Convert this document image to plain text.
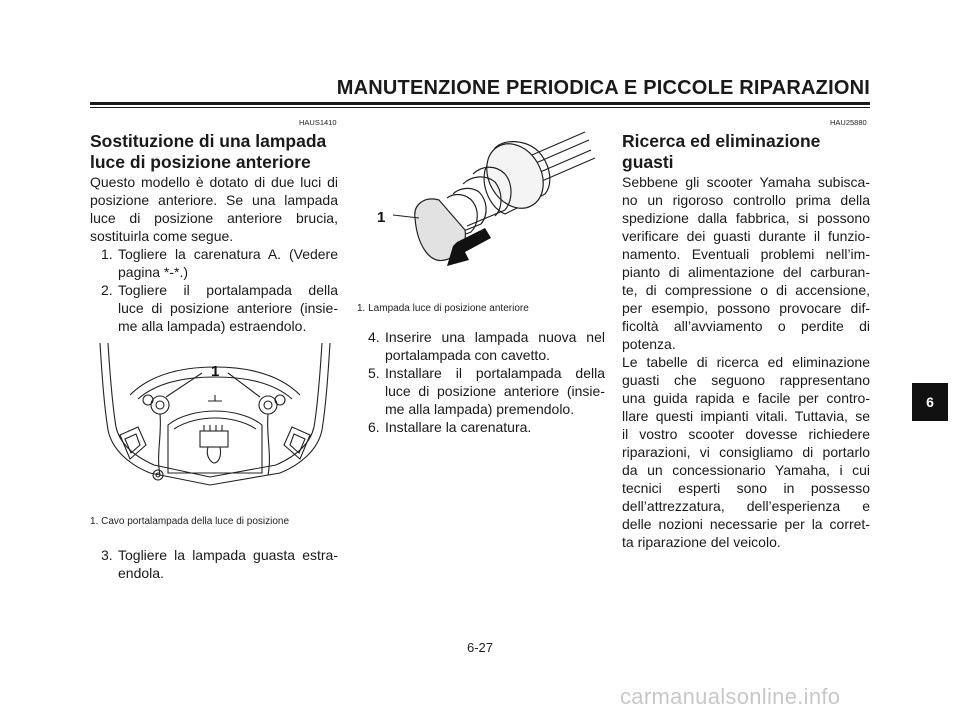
MANUTENZIONE PERIODICA E PICCOLE RIPARAZIONI
HAUS1410
Sostituzione di una lampada
luce di posizione anteriore
Questo modello è dotato di due luci di
posizione anteriore. Se una lampada
luce di posizione anteriore brucia,
sostituirla come segue.
1. Togliere la carenatura A. (Vedere
pagina *-*.)
2. Togliere il portalampada della
luce di posizione anteriore (insie-
me alla lampada) estraendolo.
1
1. Cavo portalampada della luce di posizione
3. Togliere la lampada guasta estra-
endola.
1
1. Lampada luce di posizione anteriore
4. Inserire una lampada nuova nel
portalampada con cavetto.
5. Installare il portalampada della
luce di posizione anteriore (insie-
me alla lampada) premendolo.
6. Installare la carenatura.
HAU25880
Ricerca ed eliminazione
guasti
Sebbene gli scooter Yamaha subisca-
no un rigoroso controllo prima della
spedizione dalla fabbrica, si possono
verificare dei guasti durante il funzio-
namento. Eventuali problemi nell’im-
pianto di alimentazione del carburan-
te, di compressione o di accensione,
per esempio, possono provocare dif-
ficoltà all’avviamento o perdite di
potenza.
Le tabelle di ricerca ed eliminazione
guasti che seguono rappresentano
una guida rapida e facile per contro-
llare questi impianti vitali. Tuttavia, se
il vostro scooter dovesse richiedere
riparazioni, vi consigliamo di portarlo
da un concessionario Yamaha, i cui
tecnici esperti sono in possesso
dell’attrezzatura, dell’esperienza e
delle nozioni necessarie per la corret-
ta riparazione del veicolo.
6
6-27
carmanualsonline.info
